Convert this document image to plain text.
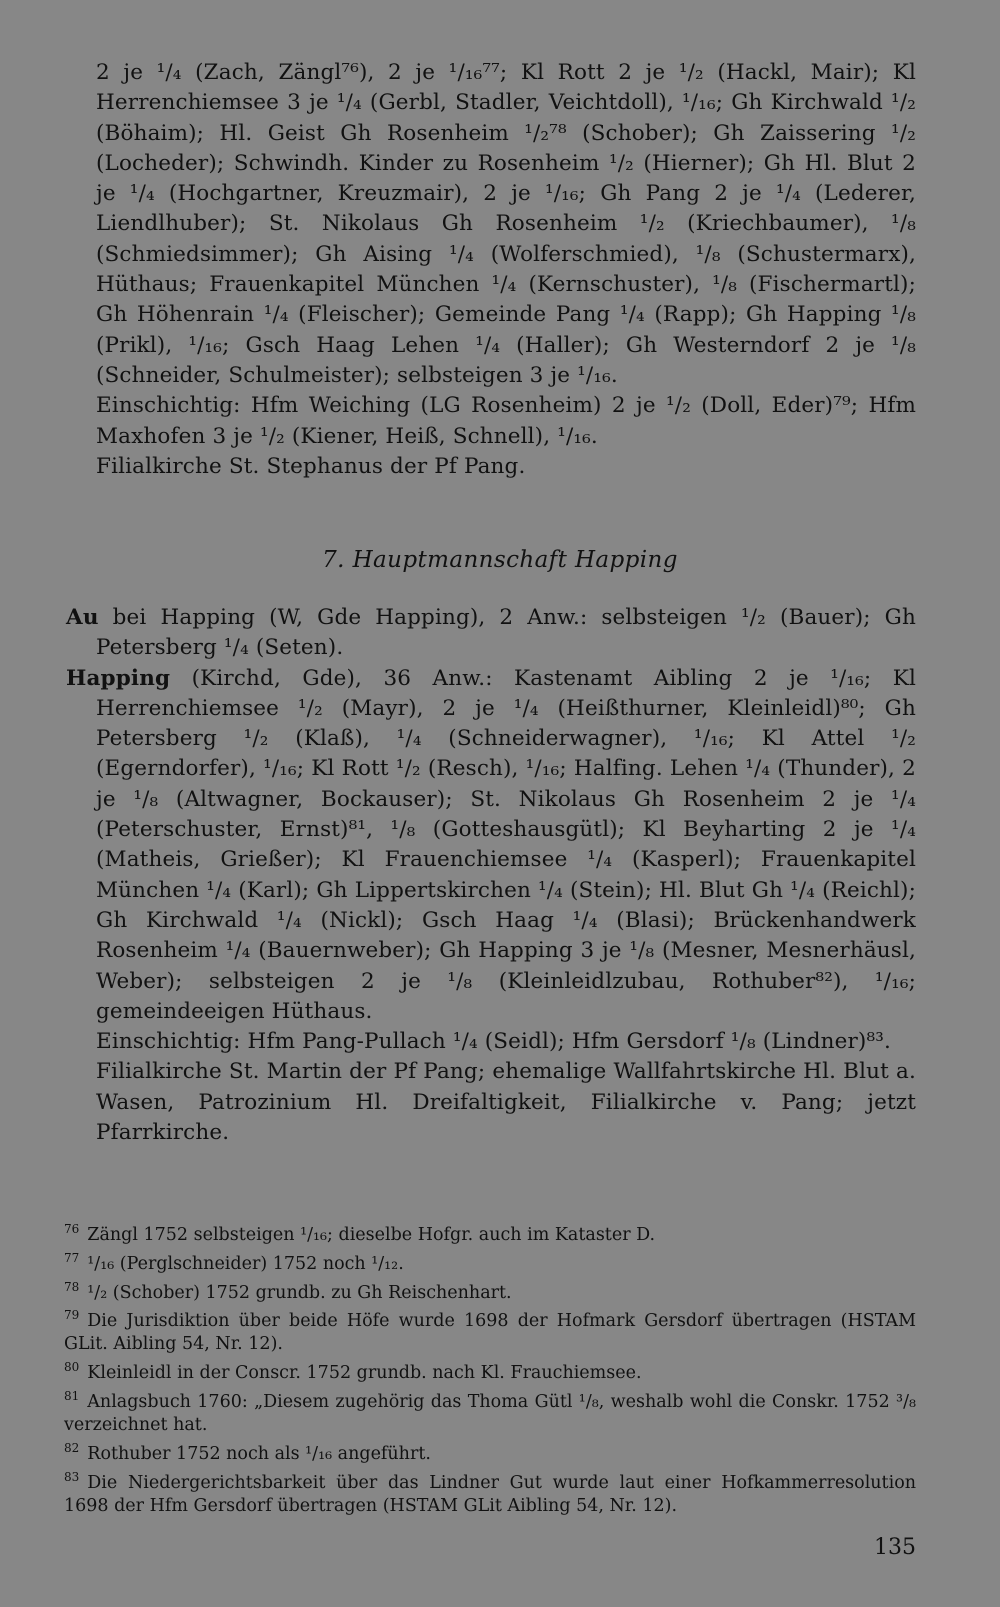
2 je ¹/₄ (Zach, Zängl⁷⁶), 2 je ¹/₁₆⁷⁷; Kl Rott 2 je ¹/₂ (Hackl, Mair); Kl Herrenchiemsee 3 je ¹/₄ (Gerbl, Stadler, Veichtdoll), ¹/₁₆; Gh Kirchwald ¹/₂ (Böhaim); Hl. Geist Gh Rosenheim ¹/₂⁷⁸ (Schober); Gh Zaissering ¹/₂ (Locheder); Schwindh. Kinder zu Rosenheim ¹/₂ (Hierner); Gh Hl. Blut 2 je ¹/₄ (Hochgartner, Kreuzmair), 2 je ¹/₁₆; Gh Pang 2 je ¹/₄ (Lederer, Liendlhuber); St. Nikolaus Gh Rosenheim ¹/₂ (Kriechbaumer), ¹/₈ (Schmiedsimmer); Gh Aising ¹/₄ (Wolferschmied), ¹/₈ (Schustermarx), Hüthaus; Frauenkapitel München ¹/₄ (Kernschuster), ¹/₈ (Fischermartl); Gh Höhenrain ¹/₄ (Fleischer); Gemeinde Pang ¹/₄ (Rapp); Gh Happing ¹/₈ (Prikl), ¹/₁₆; Gsch Haag Lehen ¹/₄ (Haller); Gh Westerndorf 2 je ¹/₈ (Schneider, Schulmeister); selbsteigen 3 je ¹/₁₆.

Einschichtig: Hfm Weiching (LG Rosenheim) 2 je ¹/₂ (Doll, Eder)⁷⁹; Hfm Maxhofen 3 je ¹/₂ (Kiener, Heiß, Schnell), ¹/₁₆.

Filialkirche St. Stephanus der Pf Pang.

7. Hauptmannschaft Happing

Au bei Happing (W, Gde Happing), 2 Anw.: selbsteigen ¹/₂ (Bauer); Gh Petersberg ¹/₄ (Seten).

Happing (Kirchd, Gde), 36 Anw.: Kastenamt Aibling 2 je ¹/₁₆; Kl Herrenchiemsee ¹/₂ (Mayr), 2 je ¹/₄ (Heißthurner, Kleinleidl)⁸⁰; Gh Petersberg ¹/₂ (Klaß), ¹/₄ (Schneiderwagner), ¹/₁₆; Kl Attel ¹/₂ (Egerndorfer), ¹/₁₆; Kl Rott ¹/₂ (Resch), ¹/₁₆; Halfing. Lehen ¹/₄ (Thunder), 2 je ¹/₈ (Altwagner, Bockauser); St. Nikolaus Gh Rosenheim 2 je ¹/₄ (Peterschuster, Ernst)⁸¹, ¹/₈ (Gotteshausgütl); Kl Beyharting 2 je ¹/₄ (Matheis, Grießer); Kl Frauenchiemsee ¹/₄ (Kasperl); Frauenkapitel München ¹/₄ (Karl); Gh Lippertskirchen ¹/₄ (Stein); Hl. Blut Gh ¹/₄ (Reichl); Gh Kirchwald ¹/₄ (Nickl); Gsch Haag ¹/₄ (Blasi); Brückenhandwerk Rosenheim ¹/₄ (Bauernweber); Gh Happing 3 je ¹/₈ (Mesner, Mesnerhäusl, Weber); selbsteigen 2 je ¹/₈ (Kleinleidlzubau, Rothuber⁸²), ¹/₁₆; gemeindeeigen Hüthaus.

Einschichtig: Hfm Pang-Pullach ¹/₄ (Seidl); Hfm Gersdorf ¹/₈ (Lindner)⁸³.

Filialkirche St. Martin der Pf Pang; ehemalige Wallfahrtskirche Hl. Blut a. Wasen, Patrozinium Hl. Dreifaltigkeit, Filialkirche v. Pang; jetzt Pfarrkirche.

$^{76}$ Zängl 1752 selbsteigen ¹/₁₆; dieselbe Hofgr. auch im Kataster D.

$^{77}$ ¹/₁₆ (Perglschneider) 1752 noch ¹/₁₂.

$^{78}$ ¹/₂ (Schober) 1752 grundb. zu Gh Reischenhart.

$^{79}$ Die Jurisdiktion über beide Höfe wurde 1698 der Hofmark Gersdorf übertragen (HSTAM GLit. Aibling 54, Nr. 12).

$^{80}$ Kleinleidl in der Conscr. 1752 grundb. nach Kl. Frauchiemsee.

$^{81}$ Anlagsbuch 1760: „Diesem zugehörig das Thoma Gütl ¹/₈, weshalb wohl die Conskr. 1752 ³/₈ verzeichnet hat.

$^{82}$ Rothuber 1752 noch als ¹/₁₆ angeführt.

$^{83}$ Die Niedergerichtsbarkeit über das Lindner Gut wurde laut einer Hofkammerresolution 1698 der Hfm Gersdorf übertragen (HSTAM GLit Aibling 54, Nr. 12).

135
